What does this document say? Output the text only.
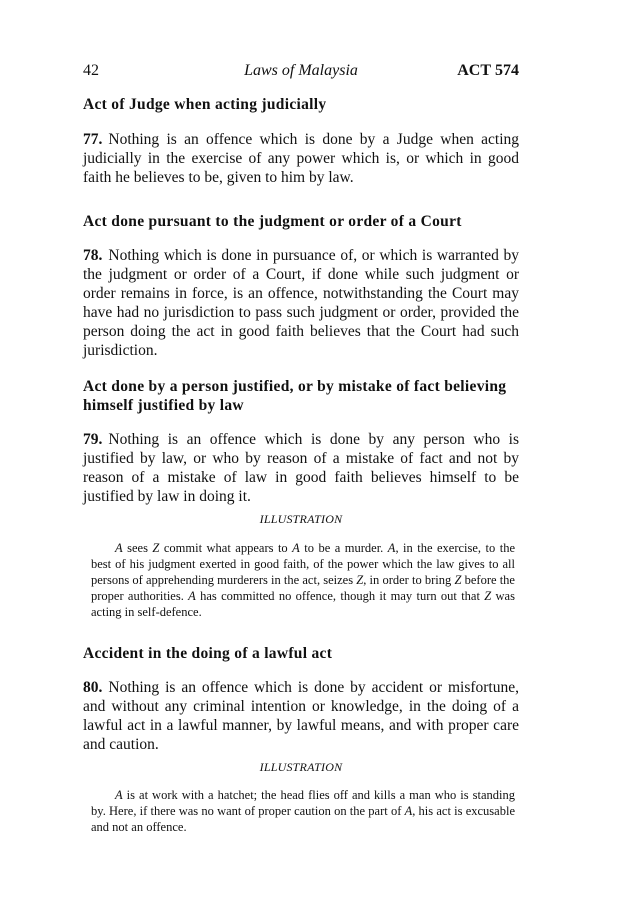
42	Laws of Malaysia	ACT 574
Act of Judge when acting judicially
77. Nothing is an offence which is done by a Judge when acting judicially in the exercise of any power which is, or which in good faith he believes to be, given to him by law.
Act done pursuant to the judgment or order of a Court
78. Nothing which is done in pursuance of, or which is warranted by the judgment or order of a Court, if done while such judgment or order remains in force, is an offence, notwithstanding the Court may have had no jurisdiction to pass such judgment or order, provided the person doing the act in good faith believes that the Court had such jurisdiction.
Act done by a person justified, or by mistake of fact believing himself justified by law
79. Nothing is an offence which is done by any person who is justified by law, or who by reason of a mistake of fact and not by reason of a mistake of law in good faith believes himself to be justified by law in doing it.
ILLUSTRATION

A sees Z commit what appears to A to be a murder. A, in the exercise, to the best of his judgment exerted in good faith, of the power which the law gives to all persons of apprehending murderers in the act, seizes Z, in order to bring Z before the proper authorities. A has committed no offence, though it may turn out that Z was acting in self-defence.

Accident in the doing of a lawful act
80. Nothing is an offence which is done by accident or misfortune, and without any criminal intention or knowledge, in the doing of a lawful act in a lawful manner, by lawful means, and with proper care and caution.
ILLUSTRATION

A is at work with a hatchet; the head flies off and kills a man who is standing by. Here, if there was no want of proper caution on the part of A, his act is excusable and not an offence.
